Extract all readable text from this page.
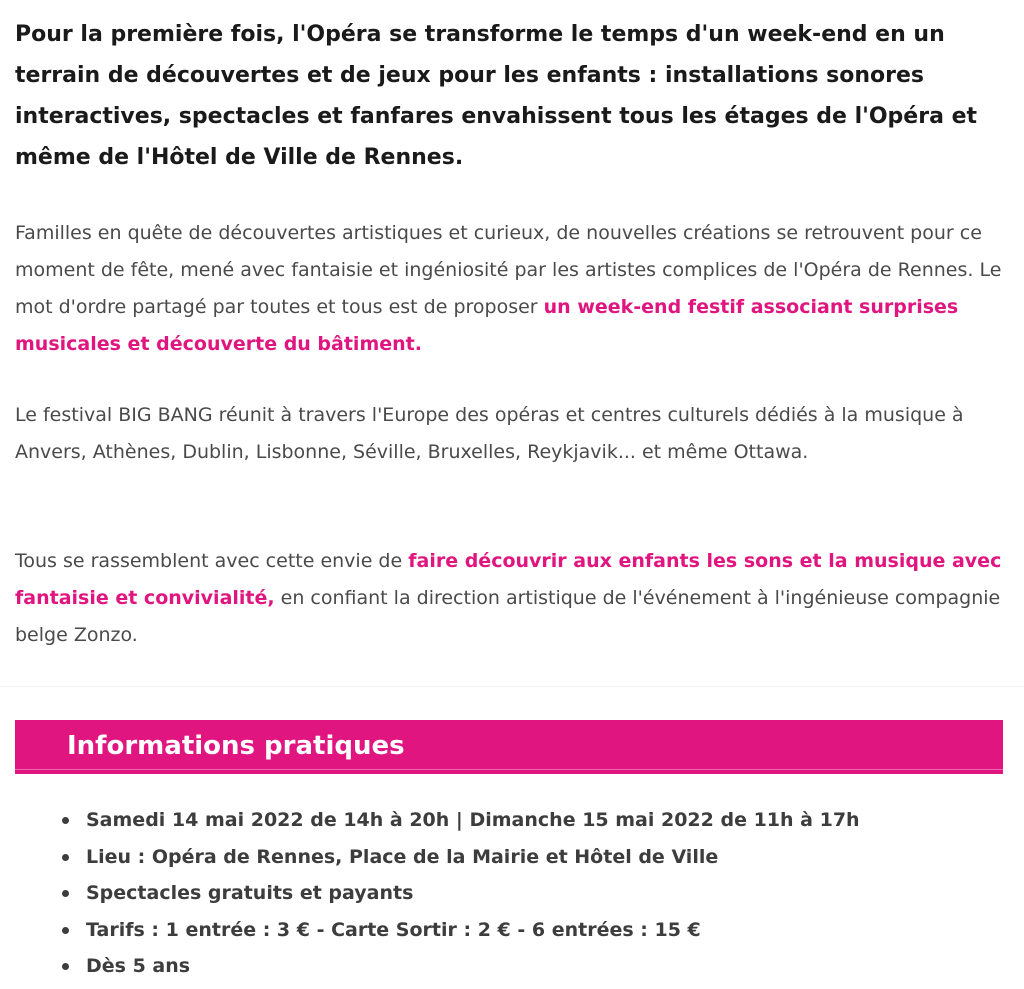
Pour la première fois, l'Opéra se transforme le temps d'un week-end en un terrain de découvertes et de jeux pour les enfants : installations sonores interactives, spectacles et fanfares envahissent tous les étages de l'Opéra et même de l'Hôtel de Ville de Rennes.

Familles en quête de découvertes artistiques et curieux, de nouvelles créations se retrouvent pour ce moment de fête, mené avec fantaisie et ingéniosité par les artistes complices de l'Opéra de Rennes. Le mot d'ordre partagé par toutes et tous est de proposer un week-end festif associant surprises musicales et découverte du bâtiment.

Le festival BIG BANG réunit à travers l'Europe des opéras et centres culturels dédiés à la musique à Anvers, Athènes, Dublin, Lisbonne, Séville, Bruxelles, Reykjavik... et même Ottawa.

Tous se rassemblent avec cette envie de faire découvrir aux enfants les sons et la musique avec fantaisie et convivialité, en confiant la direction artistique de l'événement à l'ingénieuse compagnie belge Zonzo.

Informations pratiques
Samedi 14 mai 2022 de 14h à 20h | Dimanche 15 mai 2022 de 11h à 17h
Lieu : Opéra de Rennes, Place de la Mairie et Hôtel de Ville
Spectacles gratuits et payants
Tarifs : 1 entrée : 3 € - Carte Sortir : 2 € - 6 entrées : 15 €
Dès 5 ans
